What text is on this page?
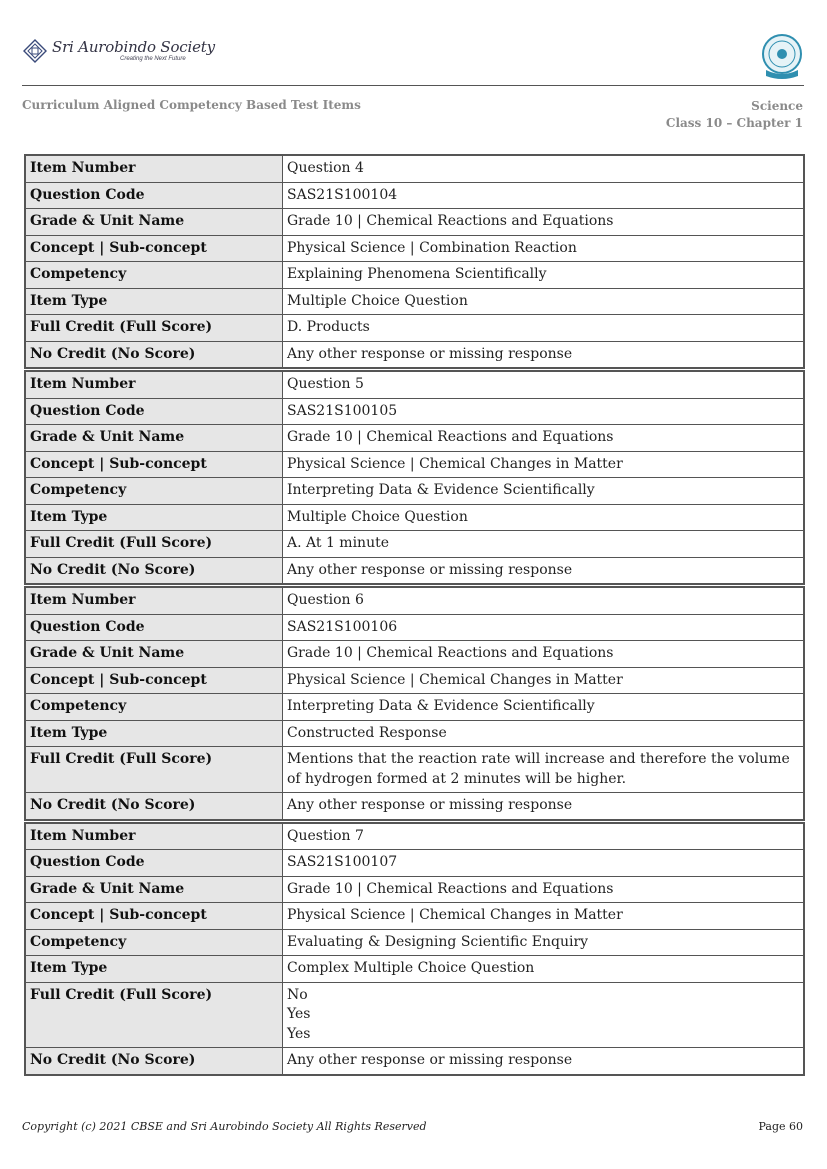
Sri Aurobindo Society
Creating the Next Future
Curriculum Aligned Competency Based Test Items	Science
Class 10 – Chapter 1
Item Number	Question 4
Question Code	SAS21S100104
Grade & Unit Name	Grade 10 | Chemical Reactions and Equations
Concept | Sub-concept	Physical Science | Combination Reaction
Competency	Explaining Phenomena Scientifically
Item Type	Multiple Choice Question
Full Credit (Full Score)	D. Products

No Credit (No Score)	Any other response or missing response
Item Number	Question 5
Question Code	SAS21S100105
Grade & Unit Name	Grade 10 | Chemical Reactions and Equations
Concept | Sub-concept	Physical Science | Chemical Changes in Matter
Competency	Interpreting Data & Evidence Scientifically
Item Type	Multiple Choice Question
Full Credit (Full Score)	A. At 1 minute

No Credit (No Score)	Any other response or missing response
Item Number	Question 6
Question Code	SAS21S100106
Grade & Unit Name	Grade 10 | Chemical Reactions and Equations
Concept | Sub-concept	Physical Science | Chemical Changes in Matter
Competency	Interpreting Data & Evidence Scientifically
Item Type	Constructed Response
Full Credit (Full Score)	Mentions that the reaction rate will increase and therefore the volume of hydrogen formed at 2 minutes will be higher.

No Credit (No Score)	Any other response or missing response
Item Number	Question 7
Question Code	SAS21S100107
Grade & Unit Name	Grade 10 | Chemical Reactions and Equations
Concept | Sub-concept	Physical Science | Chemical Changes in Matter
Competency	Evaluating & Designing Scientific Enquiry
Item Type	Complex Multiple Choice Question
Full Credit (Full Score)	No
Yes
Yes

No Credit (No Score)	Any other response or missing response
Copyright (c) 2021 CBSE and Sri Aurobindo Society All Rights Reserved	Page 60
